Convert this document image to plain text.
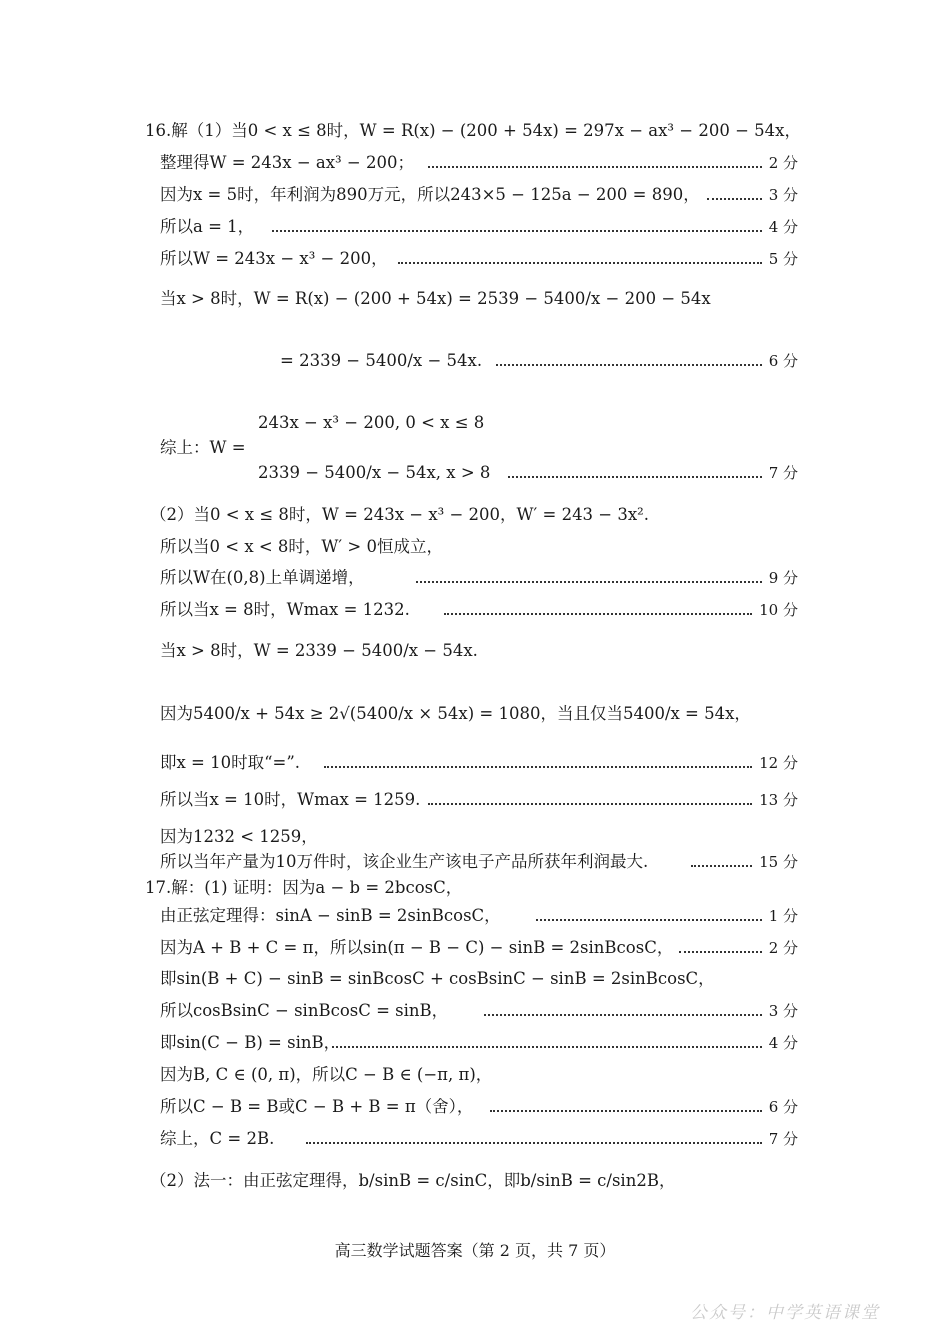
16.解（1）当0 < x ≤ 8时，W = R(x) − (200 + 54x) = 297x − ax³ − 200 − 54x，
整理得W = 243x − ax³ − 200；	2 分
因为x = 5时，年利润为890万元，所以243×5 − 125a − 200 = 890，	3 分
所以a = 1，	4 分
所以W = 243x − x³ − 200，	5 分
当x > 8时，W = R(x) − (200 + 54x) = 2539 − 5400/x − 200 − 54x
= 2339 − 5400/x − 54x.	6 分
243x − x³ − 200, 0 < x ≤ 8
综上：W =
2339 − 5400/x − 54x, x > 8	7 分
（2）当0 < x ≤ 8时，W = 243x − x³ − 200，W′ = 243 − 3x².
所以当0 < x < 8时，W′ > 0恒成立，
所以W在(0,8)上单调递增，	9 分
所以当x = 8时，Wmax = 1232.	10 分
当x > 8时，W = 2339 − 5400/x − 54x.
因为5400/x + 54x ≥ 2√(5400/x × 54x) = 1080，当且仅当5400/x = 54x，
即x = 10时取“=”.	12 分
所以当x = 10时，Wmax = 1259.	13 分
因为1232 < 1259，
所以当年产量为10万件时，该企业生产该电子产品所获年利润最大.	15 分
17.解：(1) 证明：因为a − b = 2bcosC，
由正弦定理得：sinA − sinB = 2sinBcosC，	1 分
因为A + B + C = π，所以sin(π − B − C) − sinB = 2sinBcosC，	2 分
即sin(B + C) − sinB = sinBcosC + cosBsinC − sinB = 2sinBcosC，
所以cosBsinC − sinBcosC = sinB，	3 分
即sin(C − B) = sinB，	4 分
因为B, C ∈ (0, π)，所以C − B ∈ (−π, π)，
所以C − B = B或C − B + B = π（舍），	6 分
综上，C = 2B.	7 分
（2）法一：由正弦定理得，b/sinB = c/sinC，即b/sinB = c/sin2B，
高三数学试题答案（第 2 页，共 7 页）
公众号：中学英语课堂
